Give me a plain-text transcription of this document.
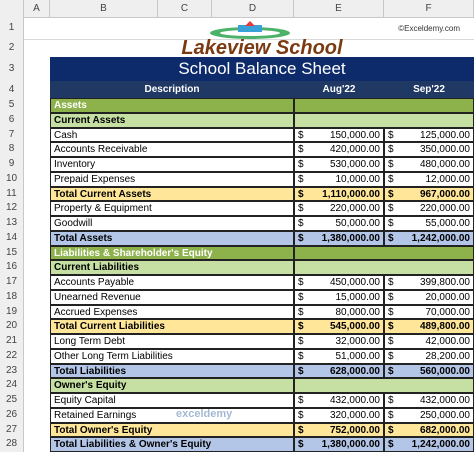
A	B	C	D	E	F
1
2
3
4
5
6
7
8
9
10
11
12
13
14
15
16
17
18
19
20
21
22
23
24
25
26
27
28
Lakeview School
School Balance Sheet
Description	Aug'22	Sep'22
Assets
Current Assets
Cash	$	150,000.00 $	125,000.00
Accounts Receivable	$	420,000.00 $	350,000.00
Inventory	$	530,000.00 $	480,000.00
Prepaid Expenses	$	10,000.00 $	12,000.00
Total Current Assets	$ 1,110,000.00 $	967,000.00
Property & Equipment	$	220,000.00 $	220,000.00
Goodwill	$	50,000.00 $	55,000.00
Total Assets	$ 1,380,000.00 $ 1,242,000.00
Liabilities & Shareholder's Equity
Current Liabilities
Accounts Payable	$	450,000.00 $	399,800.00
Unearned Revenue	$	15,000.00 $	20,000.00
Accrued Expenses	$	80,000.00 $	70,000.00
Total Current Liabilities	$	545,000.00 $	489,800.00
Long Term Debt	$	32,000.00 $	42,000.00
Other Long Term Liabilities	$	51,000.00 $	28,200.00
Total Liabilities	$	628,000.00 $	560,000.00
Owner's Equity
Equity Capital	$	432,000.00 $	432,000.00
Retained Earnings	$	320,000.00 $	250,000.00
Total Owner's Equity	$	752,000.00 $	682,000.00
Total Liabilities & Owner's Equity	$ 1,380,000.00 $ 1,242,000.00
©Exceldemy.com
exceldemy
